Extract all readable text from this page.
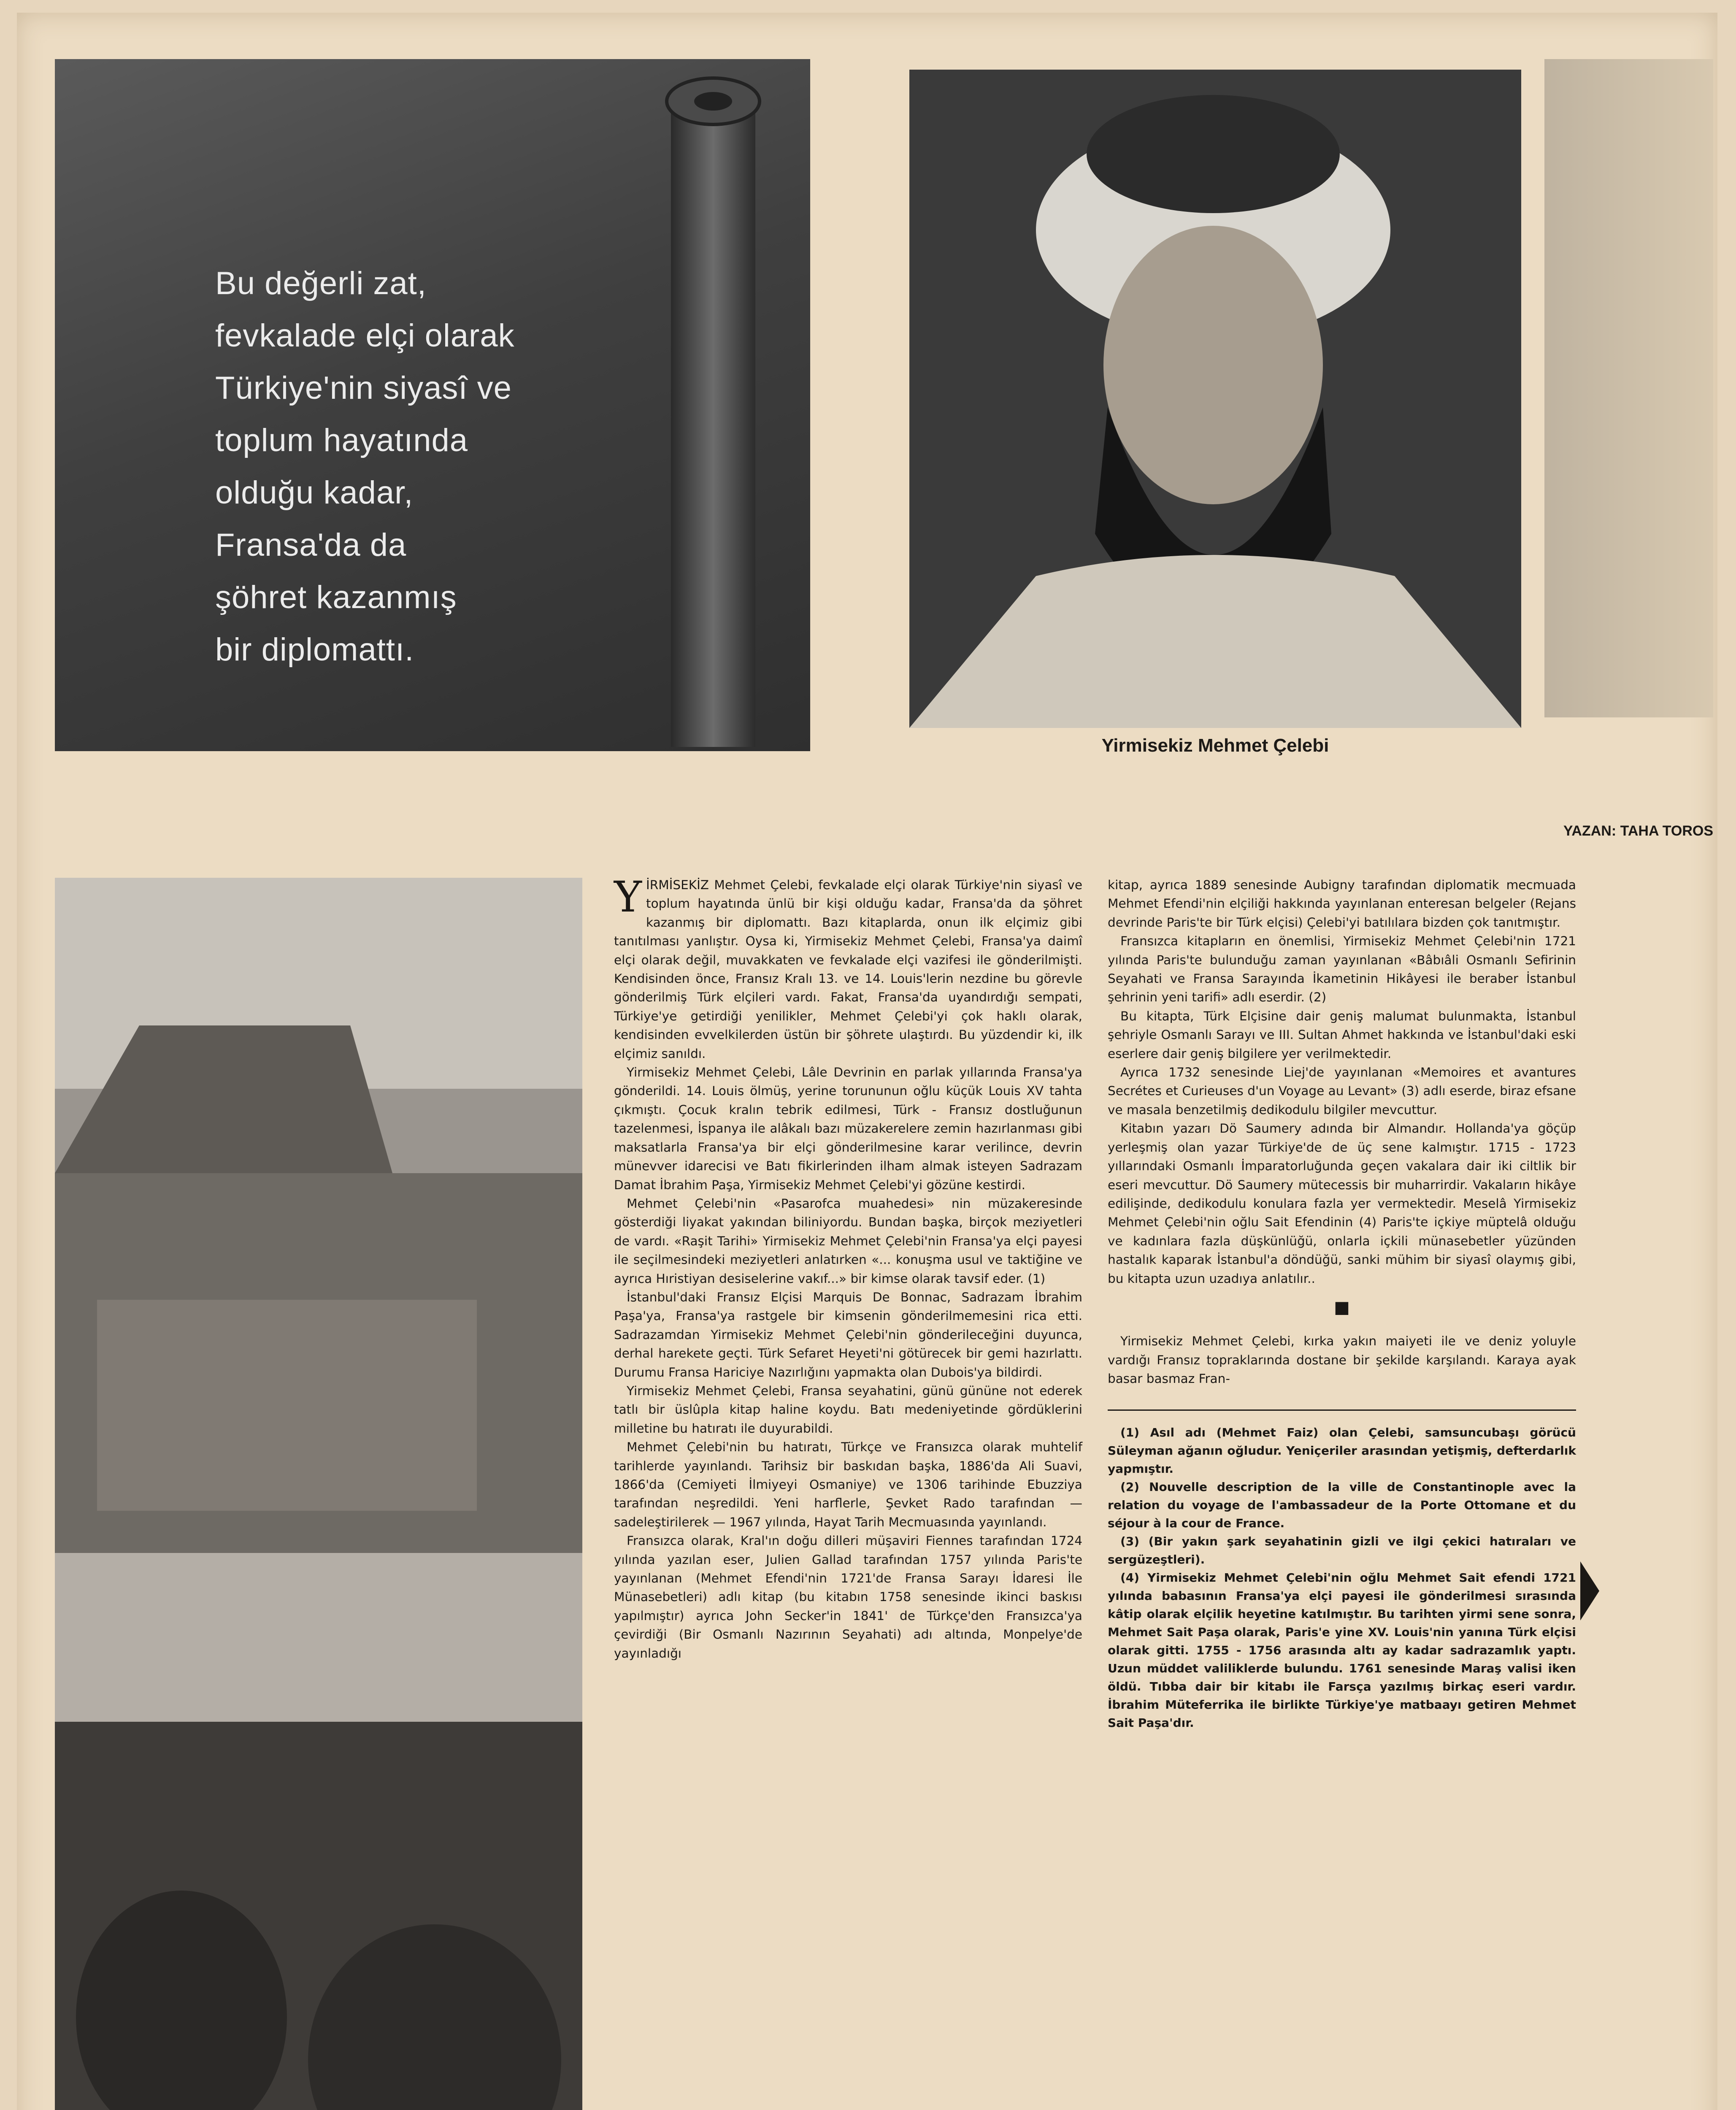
Bu değerli zat,
fevkalade elçi olarak
Türkiye'nin siyasî ve
toplum hayatında
olduğu kadar,
Fransa'da da
şöhret kazanmış
bir diplomattı.
Yirmisekiz Mehmet Çelebi
YAZAN: TAHA TOROS

YİRMİSEKİZ Mehmet Çelebi, fevkalade elçi olarak Türkiye'nin siyasî ve toplum hayatında ünlü bir kişi olduğu kadar, Fransa'da da şöhret kazanmış bir diplomattı. Bazı kitaplarda, onun ilk elçimiz gibi tanıtılması yanlıştır. Oysa ki, Yirmisekiz Mehmet Çelebi, Fransa'ya daimî elçi olarak değil, muvakkaten ve fevkalade elçi vazifesi ile gönderilmişti. Kendisinden önce, Fransız Kralı 13. ve 14. Louis'lerin nezdine bu görevle gönderilmiş Türk elçileri vardı. Fakat, Fransa'da uyandırdığı sempati, Türkiye'ye getirdiği yenilikler, Mehmet Çelebi'yi çok haklı olarak, kendisinden evvelkilerden üstün bir şöhrete ulaştırdı. Bu yüzdendir ki, ilk elçimiz sanıldı.

Yirmisekiz Mehmet Çelebi, Lâle Devrinin en parlak yıllarında Fransa'ya gönderildi. 14. Louis ölmüş, yerine torununun oğlu küçük Louis XV tahta çıkmıştı. Çocuk kralın tebrik edilmesi, Türk - Fransız dostluğunun tazelenmesi, İspanya ile alâkalı bazı müzakerelere zemin hazırlanması gibi maksatlarla Fransa'ya bir elçi gönderilmesine karar verilince, devrin münevver idarecisi ve Batı fikirlerinden ilham almak isteyen Sadrazam Damat İbrahim Paşa, Yirmisekiz Mehmet Çelebi'yi gözüne kestirdi.

Mehmet Çelebi'nin «Pasarofca muahedesi» nin müzakeresinde gösterdiği liyakat yakından biliniyordu. Bundan başka, birçok meziyetleri de vardı. «Raşit Tarihi» Yirmisekiz Mehmet Çelebi'nin Fransa'ya elçi payesi ile seçilmesindeki meziyetleri anlatırken «... konuşma usul ve taktiğine ve ayrıca Hıristiyan desiselerine vakıf...» bir kimse olarak tavsif eder. (1)

İstanbul'daki Fransız Elçisi Marquis De Bonnac, Sadrazam İbrahim Paşa'ya, Fransa'ya rastgele bir kimsenin gönderilmemesini rica etti. Sadrazamdan Yirmisekiz Mehmet Çelebi'nin gönderileceğini duyunca, derhal harekete geçti. Türk Sefaret Heyeti'ni götürecek bir gemi hazırlattı. Durumu Fransa Hariciye Nazırlığını yapmakta olan Dubois'ya bildirdi.

Yirmisekiz Mehmet Çelebi, Fransa seyahatini, günü gününe not ederek tatlı bir üslûpla kitap haline koydu. Batı medeniyetinde gördüklerini milletine bu hatıratı ile duyurabildi.

Mehmet Çelebi'nin bu hatıratı, Türkçe ve Fransızca olarak muhtelif tarihlerde yayınlandı. Tarihsiz bir baskıdan başka, 1886'da Ali Suavi, 1866'da (Cemiyeti İlmiyeyi Osmaniye) ve 1306 tarihinde Ebuzziya tarafından neşredildi. Yeni harflerle, Şevket Rado tarafından — sadeleştirilerek — 1967 yılında, Hayat Tarih Mecmuasında yayınlandı.

Fransızca olarak, Kral'ın doğu dilleri müşaviri Fiennes tarafından 1724 yılında yazılan eser, Julien Gallad tarafından 1757 yılında Paris'te yayınlanan (Mehmet Efendi'nin 1721'de Fransa Sarayı İdaresi İle Münasebetleri) adlı kitap (bu kitabın 1758 senesinde ikinci baskısı yapılmıştır) ayrıca John Secker'in 1841' de Türkçe'den Fransızca'ya çevirdiği (Bir Osmanlı Nazırının Seyahati) adı altında, Monpelye'de yayınladığı

kitap, ayrıca 1889 senesinde Aubigny tarafından diplomatik mecmuada Mehmet Efendi'nin elçiliği hakkında yayınlanan enteresan belgeler (Rejans devrinde Paris'te bir Türk elçisi) Çelebi'yi batılılara bizden çok tanıtmıştır.

Fransızca kitapların en önemlisi, Yirmisekiz Mehmet Çelebi'nin 1721 yılında Paris'te bulunduğu zaman yayınlanan «Bâbıâli Osmanlı Sefirinin Seyahati ve Fransa Sarayında İkametinin Hikâyesi ile beraber İstanbul şehrinin yeni tarifi» adlı eserdir. (2)

Bu kitapta, Türk Elçisine dair geniş malumat bulunmakta, İstanbul şehriyle Osmanlı Sarayı ve III. Sultan Ahmet hakkında ve İstanbul'daki eski eserlere dair geniş bilgilere yer verilmektedir.

Ayrıca 1732 senesinde Liej'de yayınlanan «Memoires et avantures Secrétes et Curieuses d'un Voyage au Levant» (3) adlı eserde, biraz efsane ve masala benzetilmiş dedikodulu bilgiler mevcuttur.

Kitabın yazarı Dö Saumery adında bir Almandır. Hollanda'ya göçüp yerleşmiş olan yazar Türkiye'de de üç sene kalmıştır. 1715 - 1723 yıllarındaki Osmanlı İmparatorluğunda geçen vakalara dair iki ciltlik bir eseri mevcuttur. Dö Saumery mütecessis bir muharrirdir. Vakaların hikâye edilişinde, dedikodulu konulara fazla yer vermektedir. Meselâ Yirmisekiz Mehmet Çelebi'nin oğlu Sait Efendinin (4) Paris'te içkiye müptelâ olduğu ve kadınlara fazla düşkünlüğü, onlarla içkili münasebetler yüzünden hastalık kaparak İstanbul'a döndüğü, sanki mühim bir siyasî olaymış gibi, bu kitapta uzun uzadıya anlatılır..

■

Yirmisekiz Mehmet Çelebi, kırka yakın maiyeti ile ve deniz yoluyle vardığı Fransız topraklarında dostane bir şekilde karşılandı. Karaya ayak basar basmaz Fran-

(1) Asıl adı (Mehmet Faiz) olan Çelebi, samsuncubaşı görücü Süleyman ağanın oğludur. Yeniçeriler arasından yetişmiş, defterdarlık yapmıştır.

(2) Nouvelle description de la ville de Constantinople avec la relation du voyage de l'ambassadeur de la Porte Ottomane et du séjour à la cour de France.

(3) (Bir yakın şark seyahatinin gizli ve ilgi çekici hatıraları ve sergüzeştleri).

(4) Yirmisekiz Mehmet Çelebi'nin oğlu Mehmet Sait efendi 1721 yılında babasının Fransa'ya elçi payesi ile gönderilmesi sırasında kâtip olarak elçilik heyetine katılmıştır. Bu tarihten yirmi sene sonra, Mehmet Sait Paşa olarak, Paris'e yine XV. Louis'nin yanına Türk elçisi olarak gitti. 1755 - 1756 arasında altı ay kadar sadrazamlık yaptı. Uzun müddet valiliklerde bulundu. 1761 senesinde Maraş valisi iken öldü. Tıbba dair bir kitabı ile Farsça yazılmış birkaç eseri vardır. İbrahim Müteferrika ile birlikte Türkiye'ye matbaayı getiren Mehmet Sait Paşa'dır.
